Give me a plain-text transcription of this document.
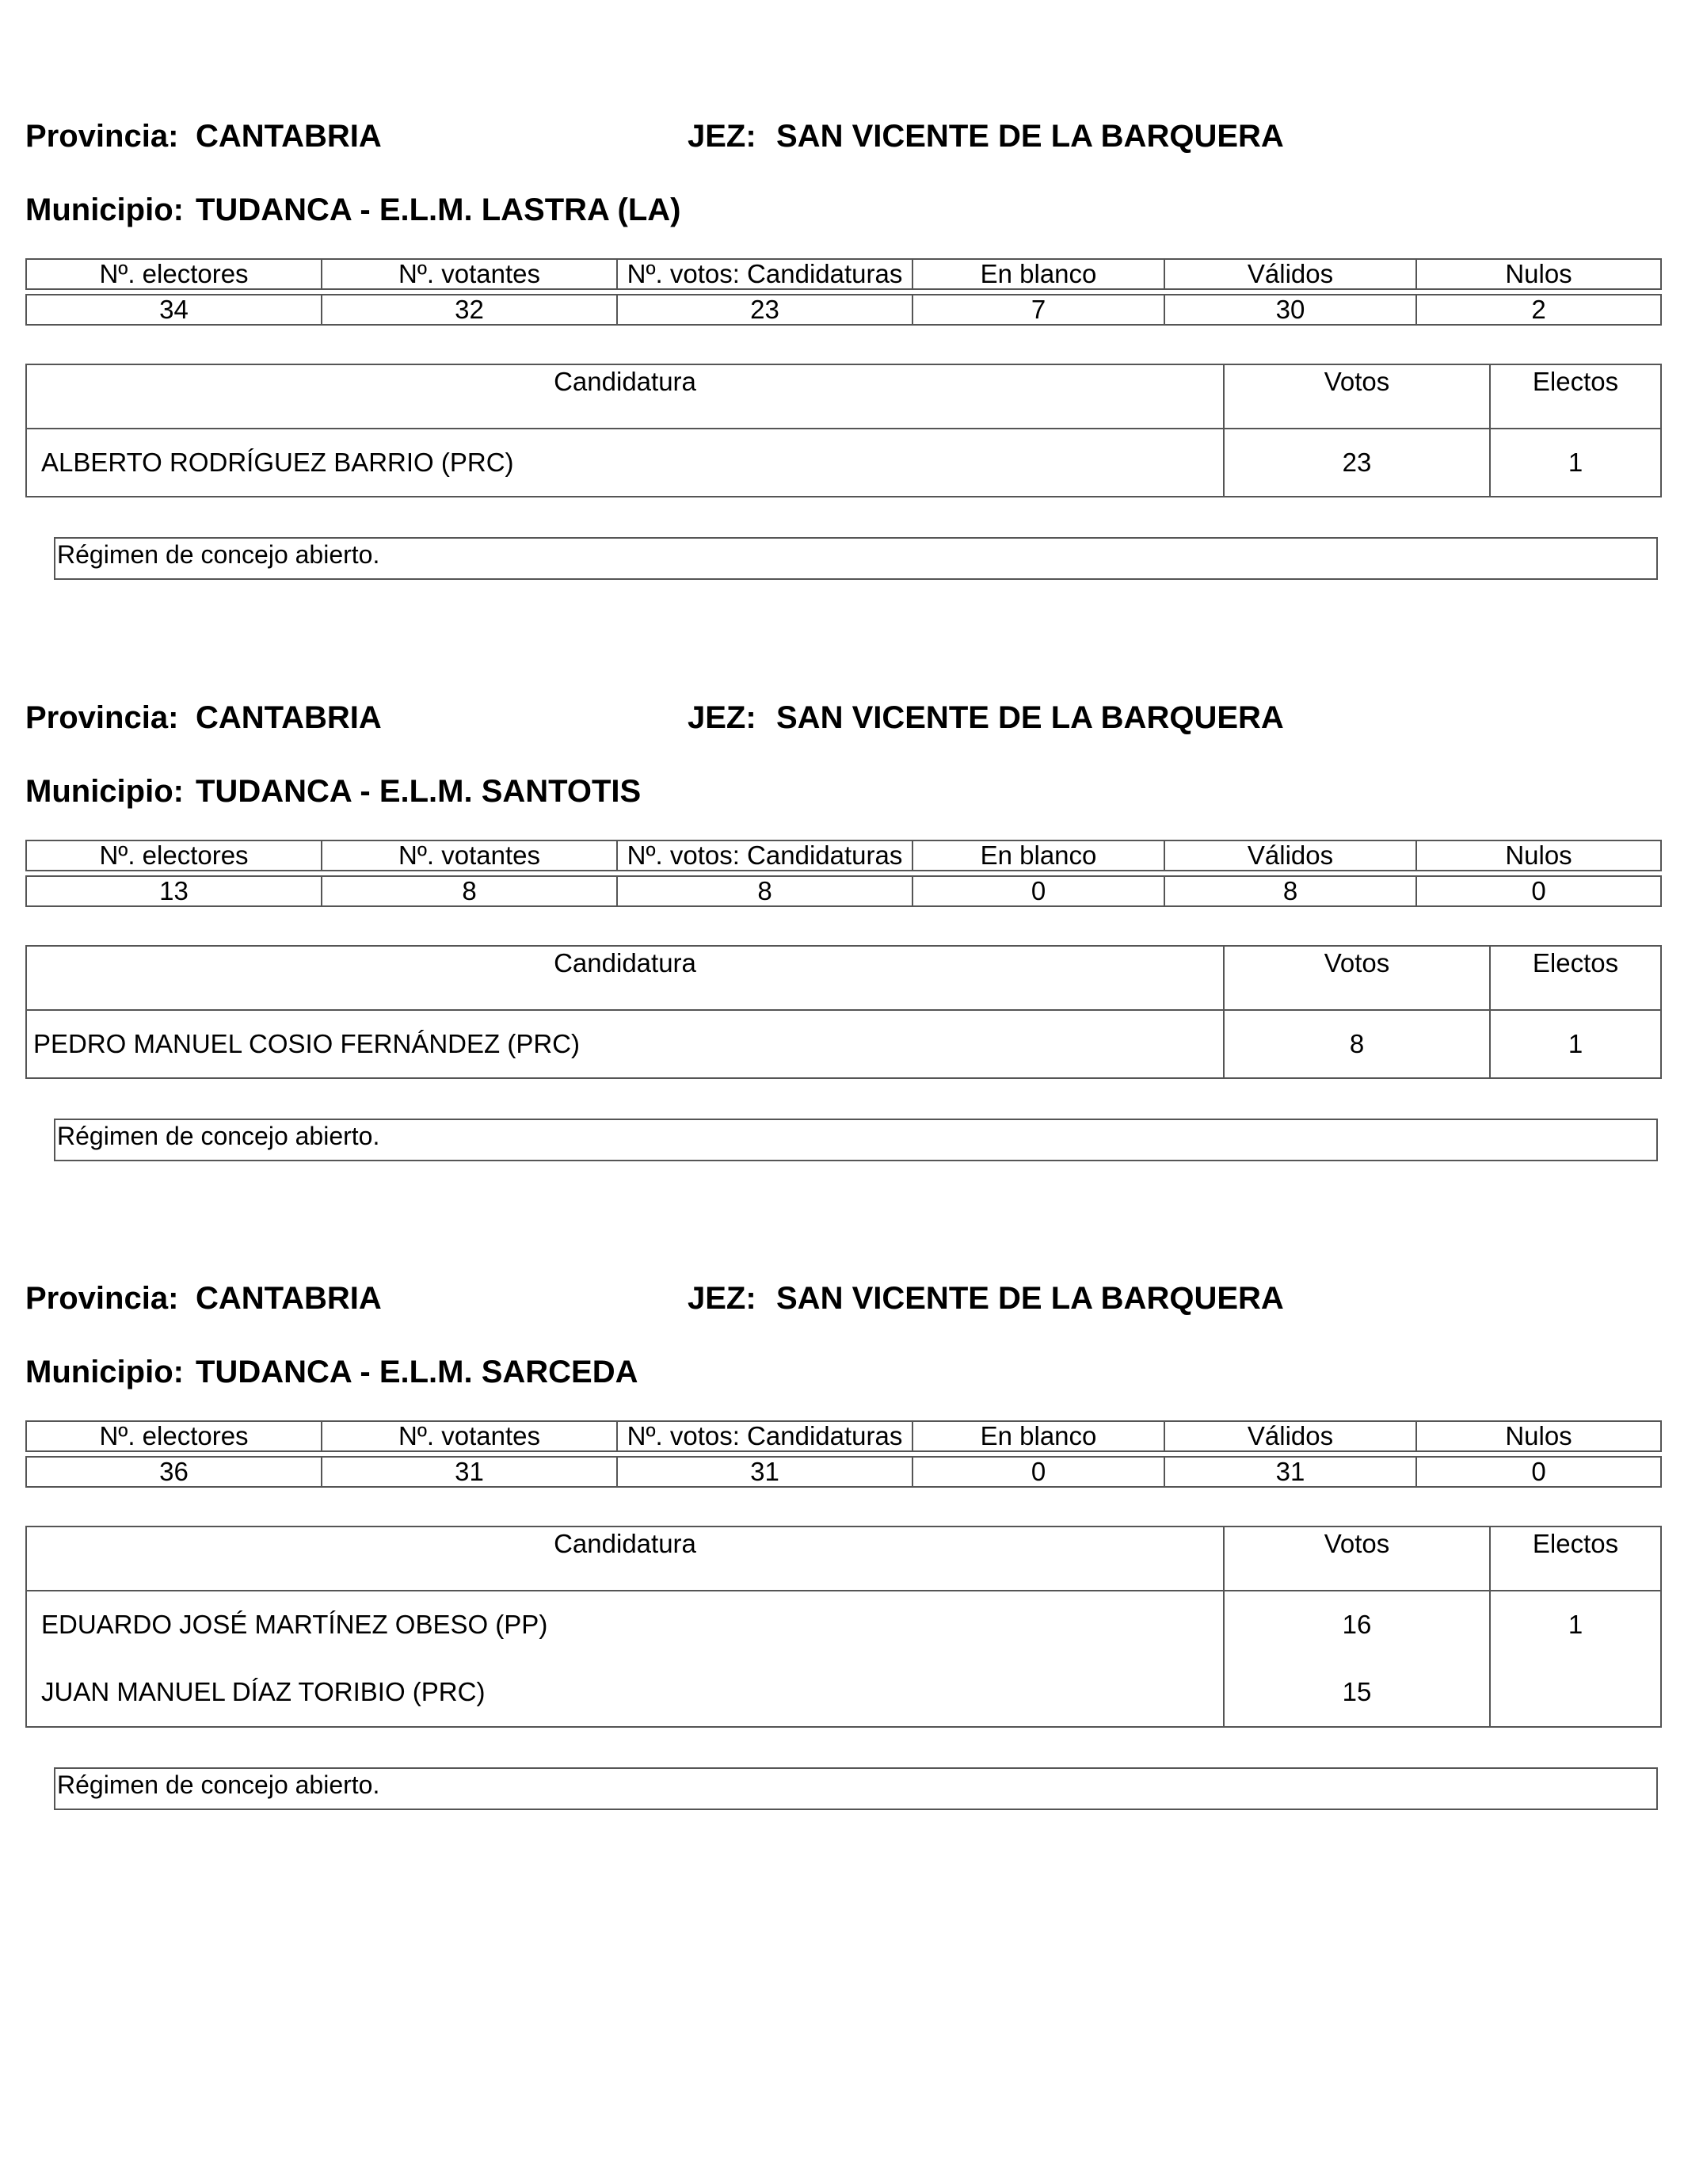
Provincia: CANTABRIA	JEZ: SAN VICENTE DE LA BARQUERA
Municipio: TUDANCA - E.L.M. LASTRA (LA)
Nº. electores	Nº. votantes	Nº. votos: Candidaturas	En blanco	Válidos	Nulos

34	32	23	7	30	2
Candidatura	Votos	Electos
ALBERTO RODRÍGUEZ BARRIO (PRC)	23	1
Régimen de concejo abierto.
Provincia: CANTABRIA	JEZ: SAN VICENTE DE LA BARQUERA
Municipio: TUDANCA - E.L.M. SANTOTIS
Nº. electores	Nº. votantes	Nº. votos: Candidaturas	En blanco	Válidos	Nulos

13	8	8	0	8	0
Candidatura	Votos	Electos
PEDRO MANUEL COSIO FERNÁNDEZ (PRC)	8	1
Régimen de concejo abierto.
Provincia: CANTABRIA	JEZ: SAN VICENTE DE LA BARQUERA
Municipio: TUDANCA - E.L.M. SARCEDA
Nº. electores	Nº. votantes	Nº. votos: Candidaturas	En blanco	Válidos	Nulos

36	31	31	0	31	0
Candidatura	Votos	Electos
EDUARDO JOSÉ MARTÍNEZ OBESO (PP)	16	1
JUAN MANUEL DÍAZ TORIBIO (PRC)	15	
Régimen de concejo abierto.
